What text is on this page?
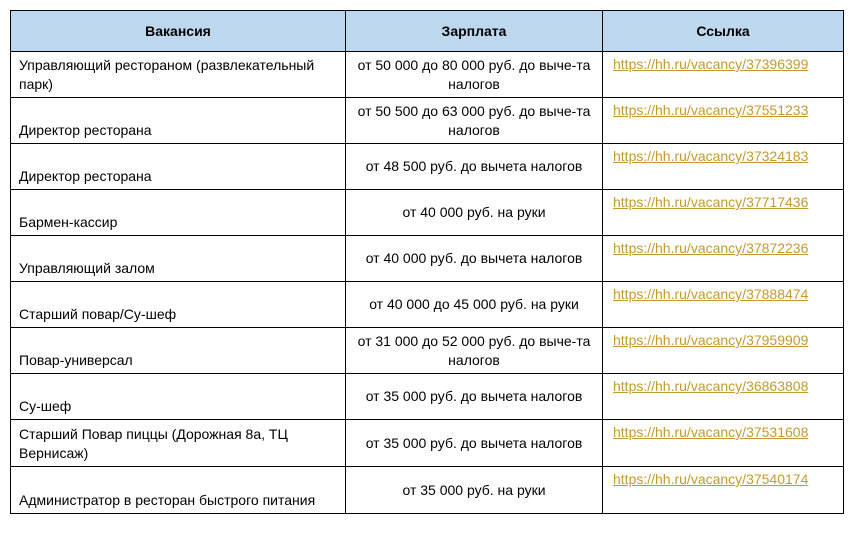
Вакансия	Зарплата	Ссылка
Управляющий рестораном (развлекательный парк)	от 50 000 до 80 000 руб. до выче-та налогов	https://hh.ru/vacancy/37396399
Директор ресторана	от 50 500 до 63 000 руб. до выче-та налогов	https://hh.ru/vacancy/37551233
Директор ресторана	от 48 500 руб. до вычета налогов	https://hh.ru/vacancy/37324183
Бармен-кассир	от 40 000 руб. на руки	https://hh.ru/vacancy/37717436
Управляющий залом	от 40 000 руб. до вычета налогов	https://hh.ru/vacancy/37872236
Старший повар/Су-шеф	от 40 000 до 45 000 руб. на руки	https://hh.ru/vacancy/37888474
Повар-универсал	от 31 000 до 52 000 руб. до выче-та налогов	https://hh.ru/vacancy/37959909
Су-шеф	от 35 000 руб. до вычета налогов	https://hh.ru/vacancy/36863808
Старший Повар пиццы (Дорожная 8а, ТЦ Вернисаж)	от 35 000 руб. до вычета налогов	https://hh.ru/vacancy/37531608
Администратор в ресторан быстрого питания	от 35 000 руб. на руки	https://hh.ru/vacancy/37540174
